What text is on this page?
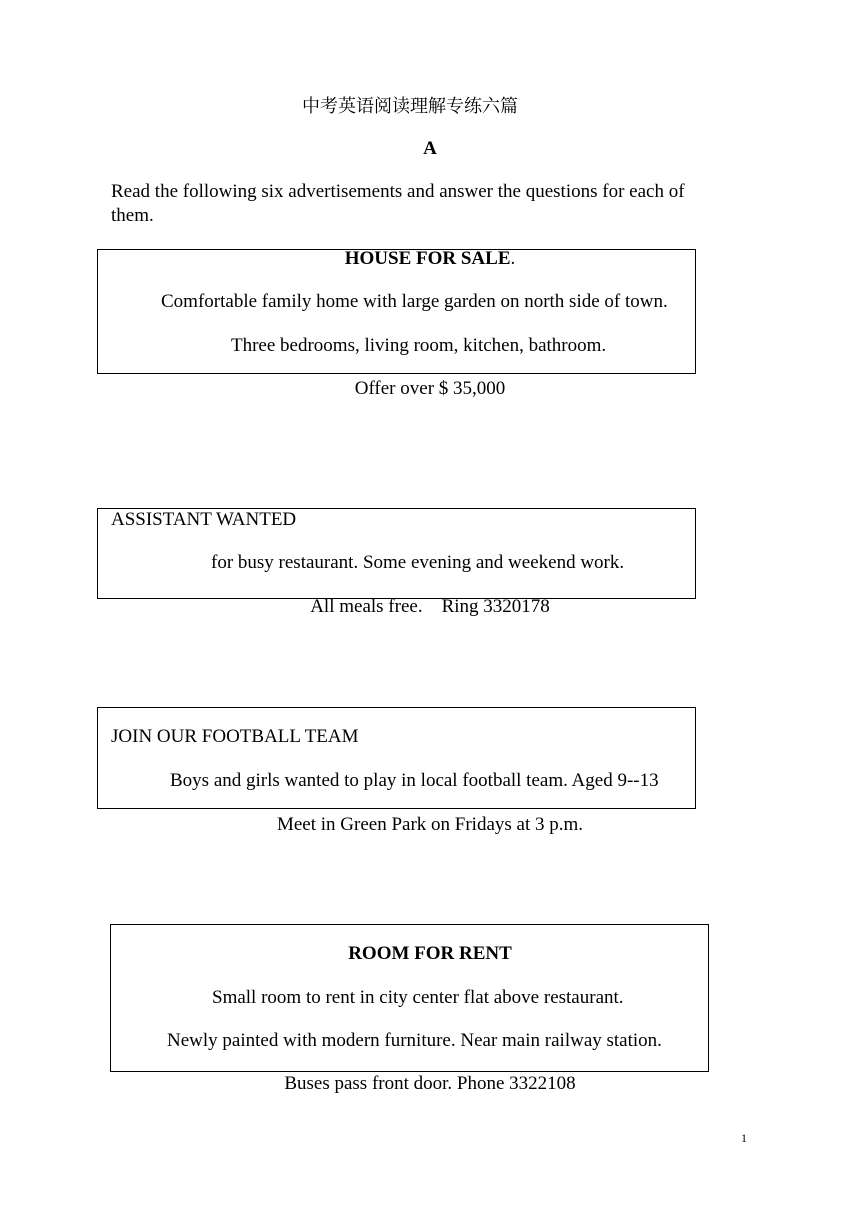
中考英语阅读理解专练六篇
A
Read the following six advertisements and answer the questions for each of them.
HOUSE FOR SALE.
Comfortable family home with large garden on north side of town.
Three bedrooms, living room, kitchen, bathroom.
Offer over $ 35,000
ASSISTANT WANTED
for busy restaurant. Some evening and weekend work.
All meals free.    Ring 3320178
JOIN OUR FOOTBALL TEAM
Boys and girls wanted to play in local football team. Aged 9--13
Meet in Green Park on Fridays at 3 p.m.
ROOM FOR RENT
Small room to rent in city center flat above restaurant.
Newly painted with modern furniture. Near main railway station.
Buses pass front door. Phone 3322108
1
